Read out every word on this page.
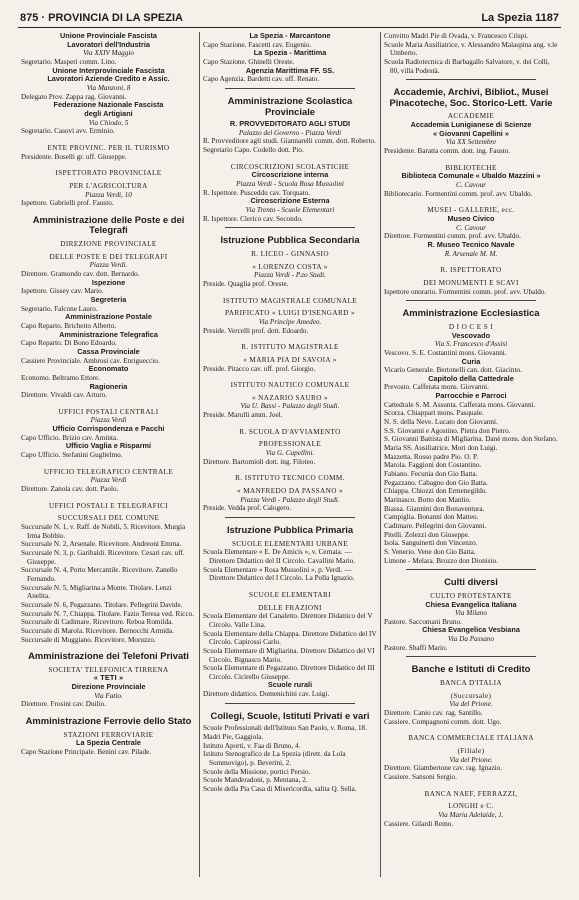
875 · PROVINCIA DI LA SPEZIA	La Spezia 1187

Unione Provinciale Fascista

Lavoratori dell'Industria

Via XXIV Maggio

Segretario. Masperi comm. Lino.

Unione Interprovinciale Fascista

Lavoratori Aziende Credito e Assic.

Via Manzoni, 8

Delegato Prov. Zappa rag. Giovanni.

Federazione Nazionale Fascista

degli Artigiani

Via Chiodo, 5

Segretario. Casovi avv. Erminio.

ENTE PROVINC. PER IL TURISMO

Presidente. Boselli gr. uff. Giuseppe.

ISPETTORATO PROVINCIALE

PER L'AGRICOLTURA

Piazza Verdi, 10

Ispettore. Gabrielli prof. Fausto.

Amministrazione delle Poste e dei Telegrafi

DIREZIONE PROVINCIALE

DELLE POSTE E DEI TELEGRAFI

Piazza Verdi.

Direttore. Gramondo cav. dott. Bernardo.

Ispezione

Ispettore. Gissey cav. Mario.

Segreteria

Segretario. Falcone Lauro.

Amministrazione Postale

Capo Reparto. Brichetto Alberto.

Amministrazione Telegrafica

Capo Reparto. Di Bono Edoardo.

Cassa Provinciale

Cassiere Provinciale. Ambrosi cav. Enrigueccio.

Economato

Economo. Beltramo Ettore.

Ragioneria

Direttore. Vivaldi cav. Arturo.

UFFICI POSTALI CENTRALI

Piazza Verdi

Ufficio Corrispondenza e Pacchi

Capo Ufficio. Brizio cav. Aminta.

Ufficio Vaglia e Risparmi

Capo Ufficio. Stefanini Guglielmo.

UFFICIO TELEGRAFICO CENTRALE

Piazza Verdi

Direttore. Zanola cav. dott. Paolo.

UFFICI POSTALI E TELEGRAFICI

SUCCURSALI DEL COMUNE

Succursale N. 1, v. Raff. de Nobili, 5. Ricevitore. Murgia Irma Bobbio.

Succursale N. 2, Arsenale. Ricevitore. Andreoni Emma.

Succursale N. 3, p. Garibaldi. Ricevitore. Cesari cav. uff. Giuseppe.

Succursale N. 4, Porto Mercantile. Ricevitore. Zanello Fernando.

Succursale N. 5, Migliarina a Monte. Titolare. Lenzi Anelita.

Succursale N. 6, Pegazzano. Titolare. Pellegrini Davide.

Succursale N. 7, Chiappa. Titolare. Fazio Teresa ved. Ricco.

Succursale di Cadimare. Ricevitore. Reboa Romilda.

Succursale di Marola. Ricevitore. Bernocchi Armida.

Succursale di Muggiano. Ricevitore. Moruzzo.

Amministrazione dei Telefoni Privati

SOCIETA' TELEFONICA TIRRENA

« TETI »

Direzione Provinciale

Via Fatio.

Direttore. Frosini cav. Duilio.

Amministrazione Ferrovie dello Stato

STAZIONI FERROVIARIE

La Spezia Centrale

Capo Stazione Principale. Benini cav. Pilade.

La Spezia - Marcantone

Capo Stazione. Fascetti cav. Eugenio.

La Spezia - Marittima

Capo Stazione. Ghinelli Oreste.

Agenzia Marittima FF. SS.

Capo Agenzia. Bardetti cav. uff. Renato.

Amministrazione Scolastica Provinciale

R. PROVVEDITORATO AGLI STUDI

Palazzo del Governo - Piazza Verdi

R. Provveditore agli studi. Giannarelli comm. dott. Roberto.

Segretario Capo. Codello dott. Pio.

CIRCOSCRIZIONI SCOLASTICHE

Circoscrizione interna

Piazza Verdi - Scuola Rosa Mussolini

R. Ispettore. Pusceddu cav. Torquato.

Circoscrizione Esterna

Via Trento - Scuole Elementari

R. Ispettore. Clerico cav. Secondo.

Istruzione Pubblica Secondaria

R. LICEO - GINNASIO

« LORENZO COSTA »

Piazza Verdi - P.zo Studi.

Preside. Quaglia prof. Oreste.

ISTITUTO MAGISTRALE COMUNALE

PARIFICATO « LUIGI D'ISENGARD »

Via Principe Amedeo.

Preside. Vercelli prof. dott. Edoardo.

R. ISTITUTO MAGISTRALE

« MARIA PIA DI SAVOIA »

Preside. Pitacco cav. uff. prof. Giorgio.

ISTITUTO NAUTICO COMUNALE

« NAZARIO SAURO »

Via U. Bassi - Palazzo degli Studi.

Preside. Marulli amm. Joel.

R. SCUOLA D'AVVIAMENTO

PROFESSIONALE

Via G. Capellini.

Direttore. Bartomioli dott. ing. Filoteo.

R. ISTITUTO TECNICO COMM.

« MANFREDO DA PASSANO »

Piazza Verdi - Palazzo degli Studi.

Preside. Vedda prof. Calogero.

Istruzione Pubblica Primaria

SCUOLE ELEMENTARI URBANE

Scuola Elementare « E. De Amicis », v. Cernaia. — Direttore Didattico del II Circolo. Cavallini Mario.

Scuola Elementare « Rosa Mussolini », p. Verdi. — Direttore Didattico del I Circolo. La Polla Ignazio.

SCUOLE ELEMENTARI

DELLE FRAZIONI

Scuola Elementare del Canaletto. Direttore Didattico del V Circolo. Valle Lina.

Scuola Elementare della Chiappa. Direttore Didattico del IV Circolo. Capirossi Carlo.

Scuola Elementare di Migliarina. Direttore Didattico del VI Circolo. Bignasco Mario.

Scuola Elementare di Pegazzano. Direttore Didattico del III Circolo. Cicirello Giuseppe.

Scuole rurali

Direttore didattico. Domenichini cav. Luigi.

Collegi, Scuole, Istituti Privati e vari

Scuole Professionali dell'Istituto San Paolo, v. Roma, 18.

Madri Pie, Gaggiola.

Istituto Aporti, v. Faa di Bruno, 4.

Istituto Stenografico de La Spezia (dirett. da Lola Sommovigo), p. Beverini, 2.

Scuole della Missione, portici Persio.

Scuole Manderadoni, p. Mentana, 2.

Scuole della Pia Casa di Misericordia, salita Q. Sella.

Convitto Madri Pie di Ovada, v. Francesco Crispi.

Scuole Maria Ausiliatrice, v. Alessandro Malaspina ang. v.le Umberto.

Scuola Radiotecnica di Barbagallo Salvatore, v. dei Colli, 80, villa Podestà.

Accademie, Archivi, Bibliot., Musei Pinacoteche, Soc. Storico-Lett. Varie

ACCADEMIE

Accademia Lunigianese di Scienze

« Giovanni Capellini »

Via XX Settembre

Presidente. Baratta comm. dott. ing. Fausto.

BIBLIOTECHE

Biblioteca Comunale « Ubaldo Mazzini »

C. Cavour

Bibliotecario. Formentini comm. prof. avv. Ubaldo.

MUSEI - GALLERIE, ecc.

Museo Civico

C. Cavour

Direttore. Formentini comm. prof. avv. Ubaldo.

R. Museo Tecnico Navale

R. Arsenale M. M.

R. ISPETTORATO

DEI MONUMENTI E SCAVI

Ispettore onorario. Formentini comm. prof. avv. Ubaldo.

Amministrazione Ecclesiastica

D I O C E S I

Vescovado

Via S. Francesco d'Assisi

Vescovo. S. E. Costantini mons. Giovanni.

Curia

Vicario Generale. Bertonelli can. dott. Giacinto.

Capitolo della Cattedrale

Prevosto. Cafferata mons. Giovanni.

Parrocchie e Parroci

Cattedrale S. M. Assunta. Cafferata mons. Giovanni.

Scorza. Chiappari mons. Pasquale.

N. S. della Neve. Lucato don Giovanni.

S.S. Giovanni e Agostino. Pietra don Pietro.

S. Giovanni Battista di Migliarina. Danè mons. don Stefano.

Maria SS. Ausiliatrice. Mori don Luigi.

Mazzetta. Rosso padre Pio. O. P.

Marola. Faggioni don Costantino.

Fabiano. Fecunia don Gio Batta.

Pegazzano. Cabagno don Gio Batta.

Chiappa. Chiozzi don Ermenegildo.

Marinasco. Botto don Manlio.

Biassa. Giannini don Bonaventura.

Campiglia. Bonanni don Matteo.

Cadimare. Pellegrini don Giovanni.

Pitelli. Zolezzi don Giuseppe.

Isola. Sanguinetti don Vincenzo.

S. Venerio. Vene don Gio Batta.

Limone - Melara. Brozzo don Dionisio.

Culti diversi

CULTO PROTESTANTE

Chiesa Evangelica Italiana

Via Milano

Pastore. Saccomani Bruno.

Chiesa Evangelica Vesbiana

Via Da Passano

Pastore. Sbaffi Mario.

Banche e Istituti di Credito

BANCA D'ITALIA

(Succursale)

Via del Prione.

Direttore. Canio cav. rag. Santillo.

Cassiere. Compagnoni comm. dott. Ugo.

BANCA COMMERCIALE ITALIANA

(Filiale)

Via del Prione.

Direttore. Giambertone cav. rag. Ignazio.

Cassiere. Sansoni Sergio.

BANCA NAEF, FERRAZZI,

LONGHI e C.

Via Maria Adelaide, 1.

Cassiere. Gilardi Remo.
